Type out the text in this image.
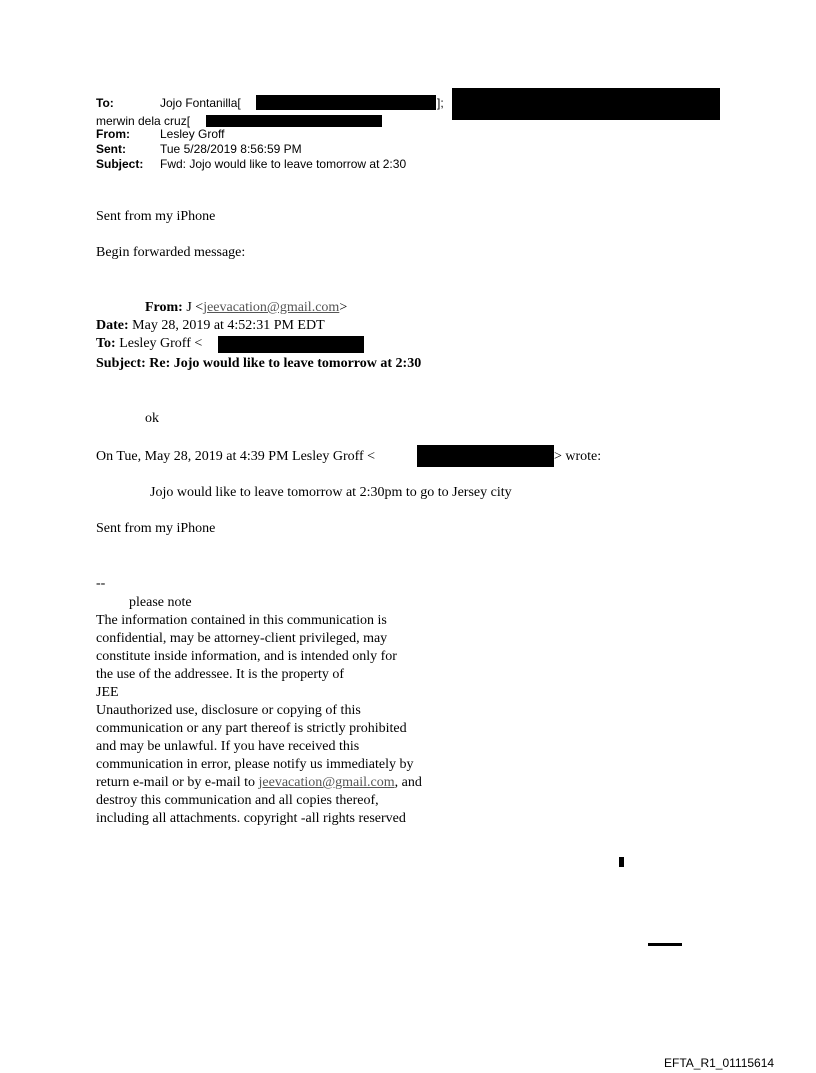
To:	Jojo Fontanilla[	];
merwin dela cruz[
From:	Lesley Groff
Sent:	Tue 5/28/2019 8:56:59 PM
Subject: Fwd: Jojo would like to leave tomorrow at 2:30
Sent from my iPhone
Begin forwarded message:
From: J <jeevacation@gmail.com>
Date: May 28, 2019 at 4:52:31 PM EDT
To: Lesley Groff <
Subject: Re: Jojo would like to leave tomorrow at 2:30
ok
On Tue, May 28, 2019 at 4:39 PM Lesley Groff <	> wrote:
Jojo would like to leave tomorrow at 2:30pm to go to Jersey city
Sent from my iPhone
--
please note
The information contained in this communication is
confidential, may be attorney-client privileged, may
constitute inside information, and is intended only for
the use of the addressee. It is the property of
JEE
Unauthorized use, disclosure or copying of this
communication or any part thereof is strictly prohibited
and may be unlawful. If you have received this
communication in error, please notify us immediately by
return e-mail or by e-mail to jeevacation@gmail.com, and
destroy this communication and all copies thereof,
including all attachments. copyright -all rights reserved
EFTA_R1_01115614
